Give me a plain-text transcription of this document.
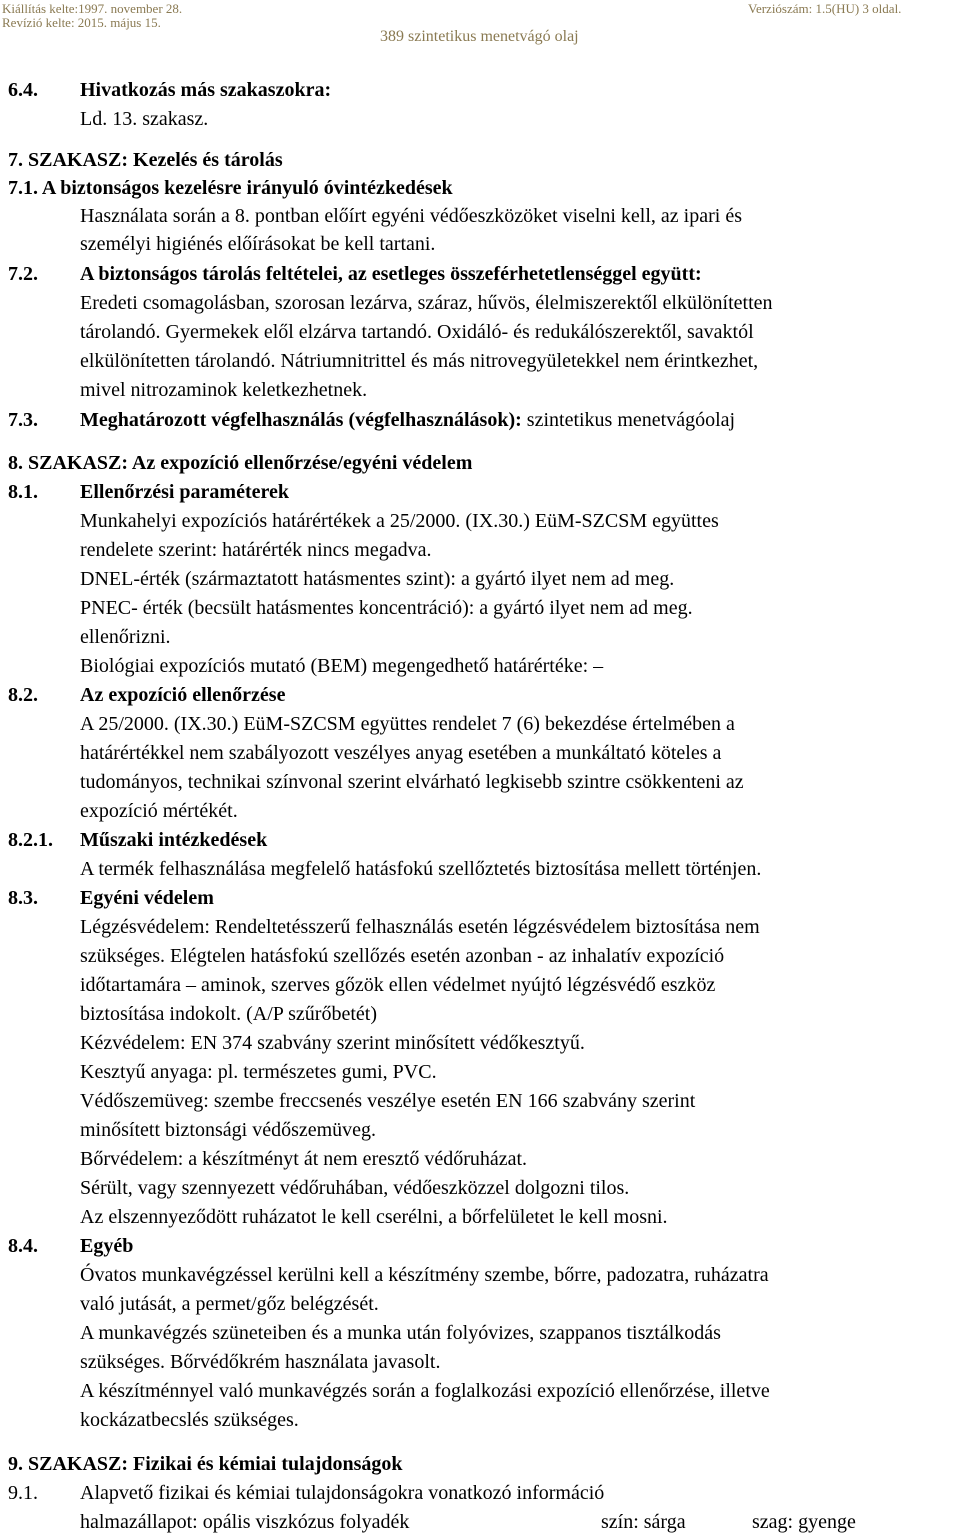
Kiállítás kelte:1997. november 28.
Revízió kelte: 2015. május 15.
Verziószám: 1.5(HU) 3 oldal.
389 szintetikus menetvágó olaj
6.4. Hivatkozás más szakaszokra:
Ld. 13. szakasz.
7. SZAKASZ: Kezelés és tárolás
7.1. A biztonságos kezelésre irányuló óvintézkedések
Használata során a 8. pontban előírt egyéni védőeszközöket viselni kell, az ipari és
személyi higiénés előírásokat be kell tartani.
7.2. A biztonságos tárolás feltételei, az esetleges összeférhetetlenséggel együtt:
Eredeti csomagolásban, szorosan lezárva, száraz, hűvös, élelmiszerektől elkülönítetten
tárolandó. Gyermekek elől elzárva tartandó. Oxidáló- és redukálószerektől, savaktól
elkülönítetten tárolandó. Nátriumnitrittel és más nitrovegyületekkel nem érintkezhet,
mivel nitrozaminok keletkezhetnek.
7.3. Meghatározott végfelhasználás (végfelhasználások): szintetikus menetvágóolaj
8. SZAKASZ: Az expozíció ellenőrzése/egyéni védelem
8.1. Ellenőrzési paraméterek
Munkahelyi expozíciós határértékek a 25/2000. (IX.30.) EüM-SZCSM együttes
rendelete szerint: határérték nincs megadva.
DNEL-érték (származtatott hatásmentes szint): a gyártó ilyet nem ad meg.
PNEC- érték (becsült hatásmentes koncentráció): a gyártó ilyet nem ad meg.
ellenőrizni.
Biológiai expozíciós mutató (BEM) megengedhető határértéke: –
8.2. Az expozíció ellenőrzése
A 25/2000. (IX.30.) EüM-SZCSM együttes rendelet 7 (6) bekezdése értelmében a
határértékkel nem szabályozott veszélyes anyag esetében a munkáltató köteles a
tudományos, technikai színvonal szerint elvárható legkisebb szintre csökkenteni az
expozíció mértékét.
8.2.1. Műszaki intézkedések
A termék felhasználása megfelelő hatásfokú szellőztetés biztosítása mellett történjen.
8.3. Egyéni védelem
Légzésvédelem: Rendeltetésszerű felhasználás esetén légzésvédelem biztosítása nem
szükséges. Elégtelen hatásfokú szellőzés esetén azonban - az inhalatív expozíció
időtartamára – aminok, szerves gőzök ellen védelmet nyújtó légzésvédő eszköz
biztosítása indokolt. (A/P szűrőbetét)
Kézvédelem: EN 374 szabvány szerint minősített védőkesztyű.
Kesztyű anyaga: pl. természetes gumi, PVC.
Védőszemüveg: szembe freccsenés veszélye esetén EN 166 szabvány szerint
minősített biztonsági védőszemüveg.
Bőrvédelem: a készítményt át nem eresztő védőruházat.
Sérült, vagy szennyezett védőruhában, védőeszközzel dolgozni tilos.
Az elszennyeződött ruházatot le kell cserélni, a bőrfelületet le kell mosni.
8.4. Egyéb
Óvatos munkavégzéssel kerülni kell a készítmény szembe, bőrre, padozatra, ruházatra
való jutását, a permet/gőz belégzését.
A munkavégzés szüneteiben és a munka után folyóvizes, szappanos tisztálkodás
szükséges. Bőrvédőkrém használata javasolt.
A készítménnyel való munkavégzés során a foglalkozási expozíció ellenőrzése, illetve
kockázatbecslés szükséges.
9. SZAKASZ: Fizikai és kémiai tulajdonságok
9.1. Alapvető fizikai és kémiai tulajdonságokra vonatkozó információ
halmazállapot: opális viszkózus folyadék	szín: sárga	szag: gyenge
